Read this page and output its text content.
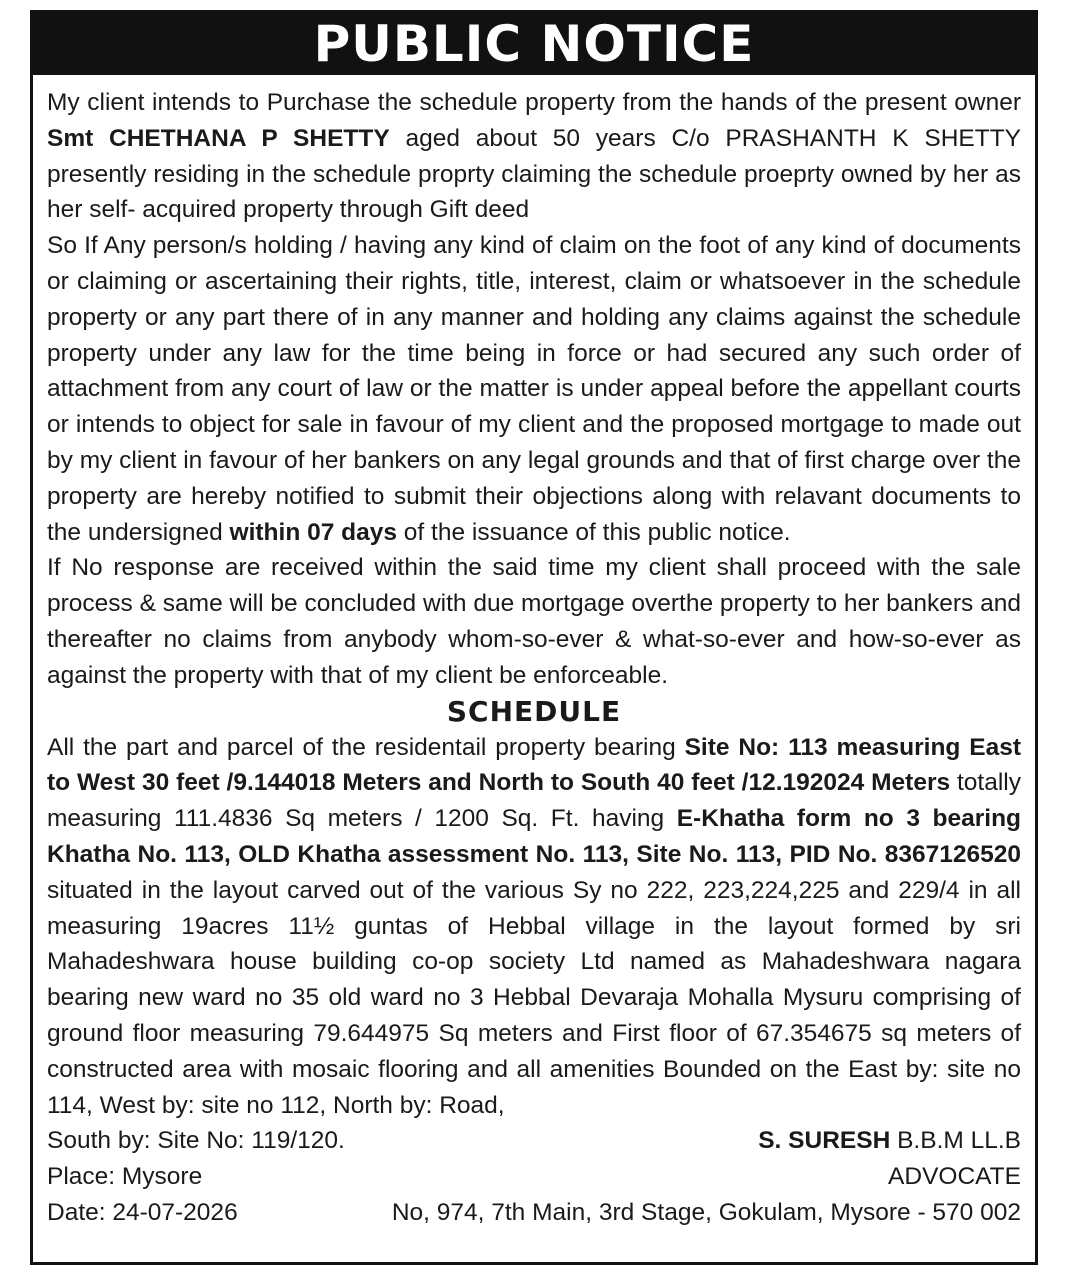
PUBLIC NOTICE

My client intends to Purchase the schedule property from the hands of the present owner Smt CHETHANA P SHETTY aged about 50 years C/o PRASHANTH K SHETTY presently residing in the schedule proprty claiming the schedule proeprty owned by her as her self- acquired property through Gift deed

So If Any person/s holding / having any kind of claim on the foot of any kind of documents or claiming or ascertaining their rights, title, interest, claim or whatsoever in the schedule property or any part there of in any manner and holding any claims against the schedule property under any law for the time being in force or had secured any such order of attachment from any court of law or the matter is under appeal before the appellant courts or intends to object for sale in favour of my client and the proposed mortgage to made out by my client in favour of her bankers on any legal grounds and that of first charge over the property are hereby notified to submit their objections along with relavant documents to the undersigned within 07 days of the issuance of this public notice.

If No response are received within the said time my client shall proceed with the sale process & same will be concluded with due mortgage overthe property to her bankers and thereafter no claims from anybody whom-so-ever & what-so-ever and how-so-ever as against the property with that of my client be enforceable.

SCHEDULE

All the part and parcel of the residentail property bearing Site No: 113 measuring East to West 30 feet /9.144018 Meters and North to South 40 feet /12.192024 Meters totally measuring 111.4836 Sq meters / 1200 Sq. Ft. having E-Khatha form no 3 bearing Khatha No. 113, OLD Khatha assessment No. 113, Site No. 113, PID No. 8367126520 situated in the layout carved out of the various Sy no 222, 223,224,225 and 229/4 in all measuring 19acres 11½ guntas of Hebbal village in the layout formed by sri Mahadeshwara house building co-op society Ltd named as Mahadeshwara nagara bearing new ward no 35 old ward no 3 Hebbal Devaraja Mohalla Mysuru comprising of ground floor measuring 79.644975 Sq meters and First floor of 67.354675 sq meters of constructed area with mosaic flooring and all amenities Bounded on the East by: site no 114, West by: site no 112, North by: Road,

South by: Site No: 119/120.	S. SURESH B.B.M LL.B
Place: Mysore	ADVOCATE
Date: 24-07-2026	No, 974, 7th Main, 3rd Stage, Gokulam, Mysore - 570 002
